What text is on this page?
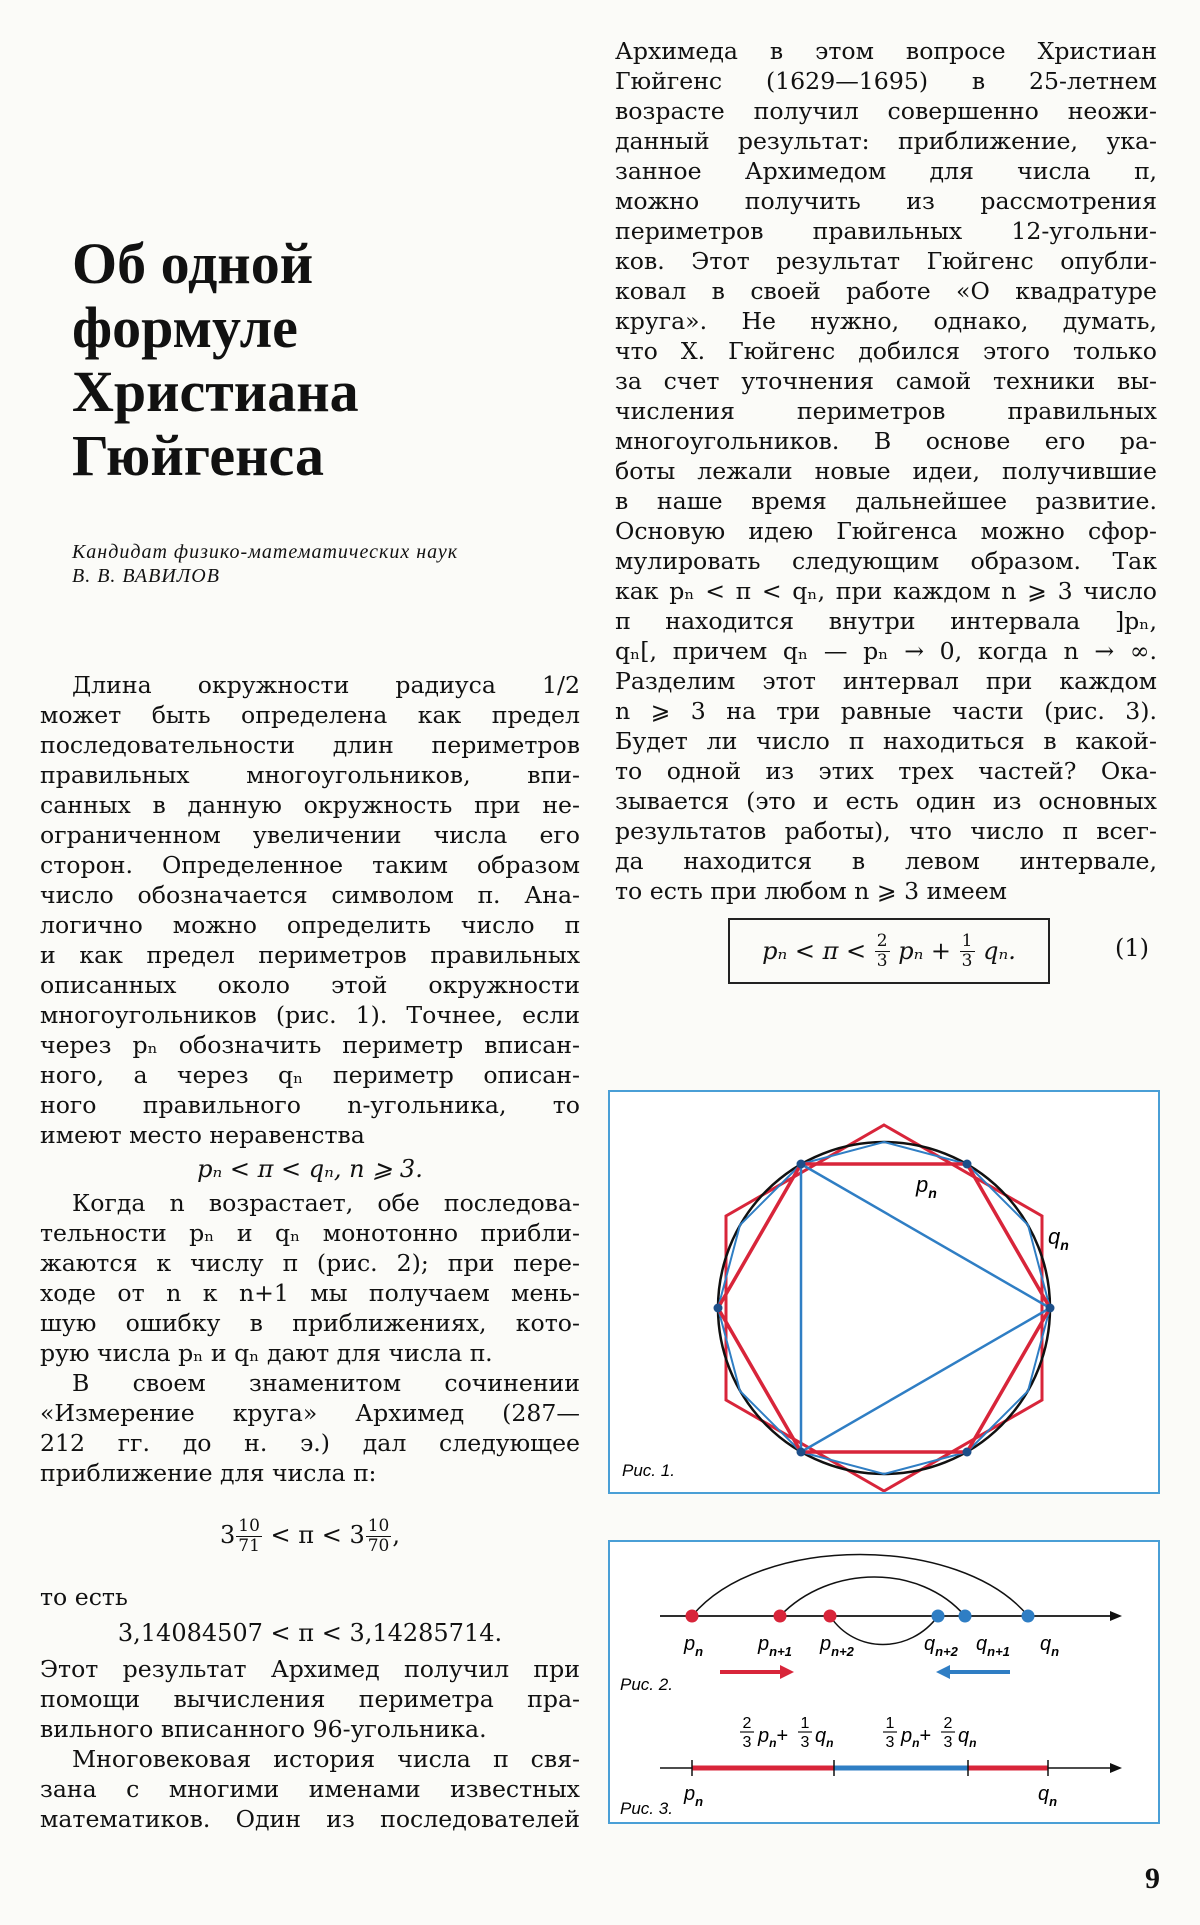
Об одной
формуле
Христиана
Гюйгенса
Кандидат физико-математических наук
В. В. ВАВИЛОВ
Длина окружности радиуса 1/2
может быть определена как предел
последовательности длин периметров
правильных многоугольников, впи-
санных в данную окружность при не-
ограниченном увеличении числа его
сторон. Определенное таким образом
число обозначается символом π. Ана-
логично можно определить число π
и как предел периметров правильных
описанных около этой окружности
многоугольников (рис. 1). Точнее, если
через pₙ обозначить периметр вписан-
ного, а через qₙ периметр описан-
ного правильного n-угольника, то
имеют место неравенства
pₙ < π < qₙ, n ⩾ 3.
Когда n возрастает, обе последова-
тельности pₙ и qₙ монотонно прибли-
жаются к числу π (рис. 2); при пере-
ходе от n к n+1 мы получаем мень-
шую ошибку в приближениях, кото-
рую числа pₙ и qₙ дают для числа π.
В своем знаменитом сочинении
«Измерение круга» Архимед (287—
212 гг. до н. э.) дал следующее
приближение для числа π:
$3 \frac{10}{71} < \pi < 3 \frac{10}{70}$ ,
то есть
3,14084507 < π < 3,14285714.
Этот результат Архимед получил при
помощи вычисления периметра пра-
вильного вписанного 96-угольника.
Многовековая история числа π свя-
зана с многими именами известных
математиков. Один из последователей
Архимеда в этом вопросе Христиан
Гюйгенс (1629—1695) в 25-летнем
возрасте получил совершенно неожи-
данный результат: приближение, ука-
занное Архимедом для числа π,
можно получить из рассмотрения
периметров правильных 12-угольни-
ков. Этот результат Гюйгенс опубли-
ковал в своей работе «О квадратуре
круга». Не нужно, однако, думать,
что Х. Гюйгенс добился этого только
за счет уточнения самой техники вы-
числения периметров правильных
многоугольников. В основе его ра-
боты лежали новые идеи, получившие
в наше время дальнейшее развитие.
Основую идею Гюйгенса можно сфор-
мулировать следующим образом. Так
как pₙ < π < qₙ, при каждом n ⩾ 3 число
π находится внутри интервала ]pₙ,
qₙ[, причем qₙ — pₙ → 0, когда n → ∞.
Разделим этот интервал при каждом
n ⩾ 3 на три равные части (рис. 3).
Будет ли число π находиться в какой-
то одной из этих трех частей? Ока-
зывается (это и есть один из основных
результатов работы), что число π всег-
да находится в левом интервале,
то есть при любом n ⩾ 3 имеем
$p_n < \pi < \frac{2}{3}$ $p_n + \frac{1}{3} q_n$.	(1)
$p_n$
$q_n$
Рис. 1.
$p_n$	$p_{n+1}$ $p_{n+2}$	$q_{n+2}$ $q_{n+1}$ $q_n$
Рис. 2.
2
3 $p_n+$
1
3 $q_n$
1
3 $p_n+$
2
3 $q_n$
$p_n$	$q_n$
Рис. 3.
9
